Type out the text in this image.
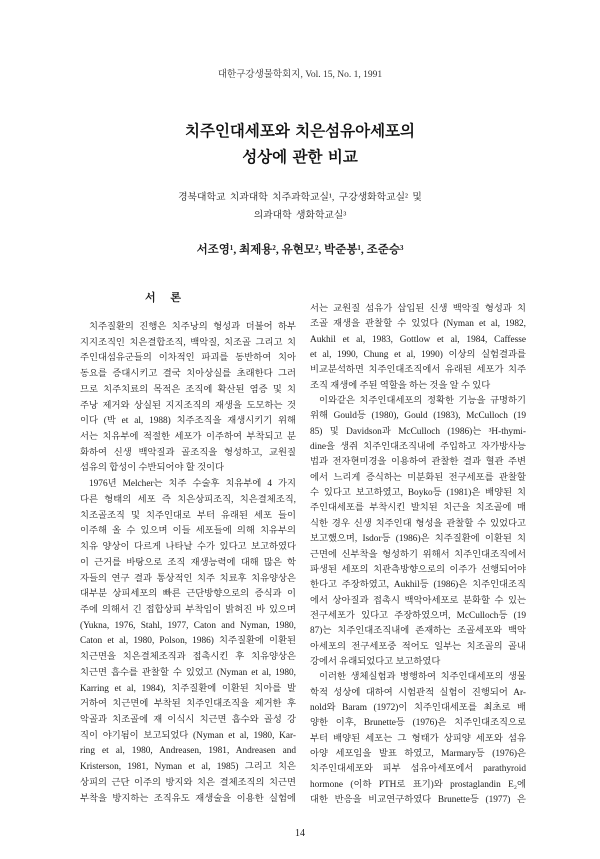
대한구강생물학회지, Vol. 15, No. 1, 1991
치주인대세포와 치은섬유아세포의
성상에 관한 비교
경북대학교 치과대학 치주과학교실¹, 구강생화학교실² 및
의과대학 생화학교실³
서조영¹, 최제용², 유현모², 박준봉¹, 조준승³
서 론
치주질환의 진행은 치주낭의 형성과 더불어 하부
지지조직인 치은결합조직, 백악질, 치조골 그리고 치
주인대섬유군들의 이차적인 파괴를 동반하여 치아
동요를 증대시키고 결국 치아상실를 초래한다 그러
므로 치주치료의 목적은 조직에 확산된 염증 및 치
주낭 제거와 상실된 지지조직의 재생을 도모하는 것
이다 (박 et al, 1988) 치주조직을 재생시키기 위해
서는 치유부에 적절한 세포가 이주하여 부착되고 분
화하여 신생 백악질과 골조직을 형성하고, 교원질
섬유의 합성이 수반되어야 할 것이다
1976년 Melcher는 치주 수술후 치유부에 4 가지
다른 형태의 세포 즉 치은상피조직, 치은결체조직,
치조골조직 및 치주인대로 부터 유래된 세포 들이
이주해 올 수 있으며 이들 세포들에 의해 치유부의
치유 양상이 다르게 나타날 수가 있다고 보고하였다
이 근거를 바탕으로 조직 재생능력에 대해 많은 학
자들의 연구 결과 통상적인 치주 치료후 치유양상은
대부분 상피세포의 빠른 근단방향으로의 증식과 이
주에 의해서 긴 접합상피 부착임이 밝혀진 바 있으며
(Yukna, 1976, Stahl, 1977, Caton and Nyman, 1980,
Caton et al, 1980, Polson, 1986) 치주질환에 이환된
치근면을 치은결체조직과 접촉시킨 후 치유양상은
치근면 흡수를 관찰할 수 있었고 (Nyman et al, 1980,
Karring et al, 1984), 치주질환에 이환된 치아를 발
거하여 치근면에 부착된 치주인대조직을 제거한 후
악골과 치조골에 재 이식시 치근면 흡수와 골성 강
직이 야기됨이 보고되었다 (Nyman et al, 1980, Kar-
ring et al, 1980, Andreasen, 1981, Andreasen and
Kristerson, 1981, Nyman et al, 1985) 그리고 치은
상피의 근단 이주의 방지와 치은 결체조직의 치근면
부착을 방지하는 조직유도 재생술을 이용한 실험에
서는 교원질 섬유가 삽입된 신생 백악질 형성과 치
조골 재생을 관찰할 수 있었다 (Nyman et al, 1982,
Aukhil et al, 1983, Gottlow et al, 1984, Caffesse
et al, 1990, Chung et al, 1990) 이상의 실험결과를
비교분석하면 치주인대조직에서 유래된 세포가 치주
조직 재생에 주된 역할을 하는 것을 알 수 있다
이와같은 치주인대세포의 정확한 기능을 규명하기
위해 Gould등 (1980), Gould (1983), McCulloch (19
85) 및 Davidson과 McCulloch (1986)는 ³H-thymi-
dine을 생쥐 치주인대조직내에 주입하고 자가방사능
법과 전자현미경을 이용하여 관찰한 결과 혈관 주변
에서 느리게 증식하는 미분화된 전구세포를 관찰할
수 있다고 보고하였고, Boyko등 (1981)은 배양된 치
주인대세포를 부착시킨 발치된 치근을 치조골에 매
식한 경우 신생 치주인대 형성을 관찰할 수 있었다고
보고했으며, Isdor등 (1986)은 치주질환에 이환된 치
근면에 신부착을 형성하기 위해서 치주인대조직에서
파생된 세포의 치관측방향으로의 이주가 선행되어야
한다고 주장하였고, Aukhil등 (1986)은 치주인대조직
에서 상아질과 접촉시 백악아세포로 분화할 수 있는
전구세포가 있다고 주장하였으며, McCulloch등 (19
87)는 치주인대조직내에 존재하는 조골세포와 백악
아세포의 전구세포중 적어도 일부는 치조골의 골내
강에서 유래되었다고 보고하였다
이러한 생체실험과 병행하여 치주인대세포의 생물
학적 성상에 대하여 시험관적 실험이 진행되어 Ar-
nold와 Baram (1972)이 치주인대세포를 최초로 배
양한 이후, Brunette등 (1976)은 치주인대조직으로
부터 배양된 세포는 그 형태가 상피양 세포와 섬유
아양 세포임을 발표 하였고, Marmary등 (1976)은
치주인대세포와 피부 섬유아세포에서 parathyroid
hormone (이하 PTH로 표기)와 prostaglandin E₂에
대한 반응을 비교연구하였다 Brunette등 (1977) 은
14
